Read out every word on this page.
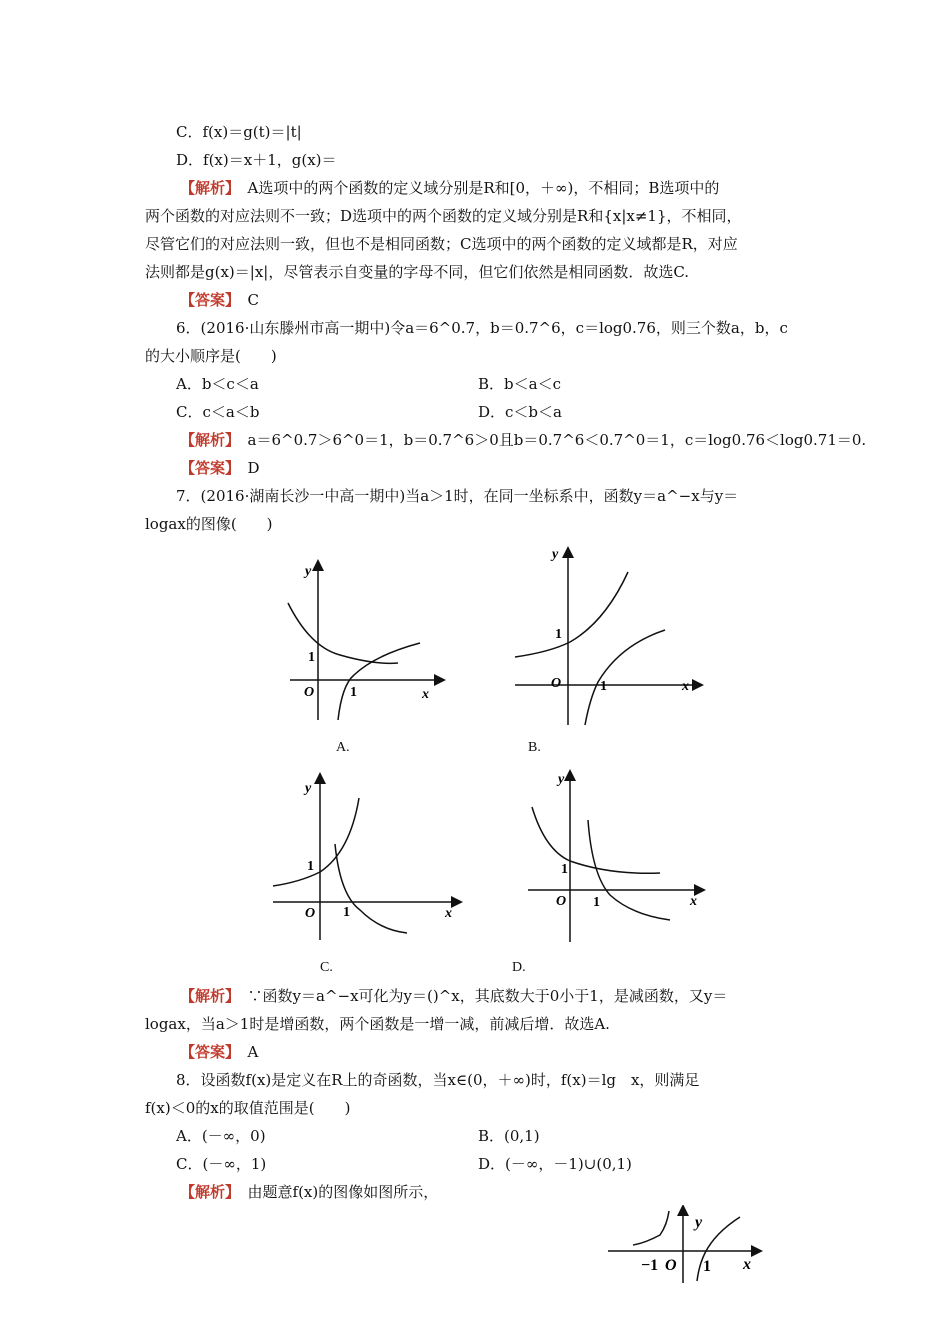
C．f(x)＝g(t)＝|t|
D．f(x)＝x＋1，g(x)＝
【解析】　 A选项中的两个函数的定义域分别是R和[0，＋∞)，不相同；B选项中的
两个函数的对应法则不一致；D选项中的两个函数的定义域分别是R和{x|x≠1}，不相同，
尽管它们的对应法则一致，但也不是相同函数；C选项中的两个函数的定义域都是R，对应
法则都是g(x)＝|x|，尽管表示自变量的字母不同，但它们依然是相同函数．故选C.
【答案】　 C
6．(2016·山东滕州市高一期中)令a＝6^0.7，b＝0.7^6，c＝log0.76，则三个数a，b，c
的大小顺序是(　　)
A．b＜c＜a	B．b＜a＜c
C．c＜a＜b	D．c＜b＜a
【解析】　 a＝6^0.7＞6^0＝1，b＝0.7^6＞0且b＝0.7^6＜0.7^0＝1，c＝log0.76＜log0.71＝0.
【答案】　 D
7．(2016·湖南长沙一中高一期中)当a＞1时，在同一坐标系中，函数y＝a^−x与y＝
logax的图像(　　)
y
x
O	1
1
A.
y
x
O	1
1
B.
y
x
O 1
1
C.
y
x
O 1
1
D.
【解析】　 ∵函数y＝a^−x可化为y＝()^x，其底数大于0小于1，是减函数，又y＝
logax，当a＞1时是增函数，两个函数是一增一减，前减后增．故选A.
【答案】　 A
8．设函数f(x)是定义在R上的奇函数，当x∈(0，＋∞)时，f(x)＝lg　x，则满足
f(x)＜0的x的取值范围是(　　)
A．(－∞，0)	B．(0,1)
C．(－∞，1)	D．(－∞，－1)∪(0,1)
【解析】　 由题意f(x)的图像如图所示，
y
x
O
−1	1
